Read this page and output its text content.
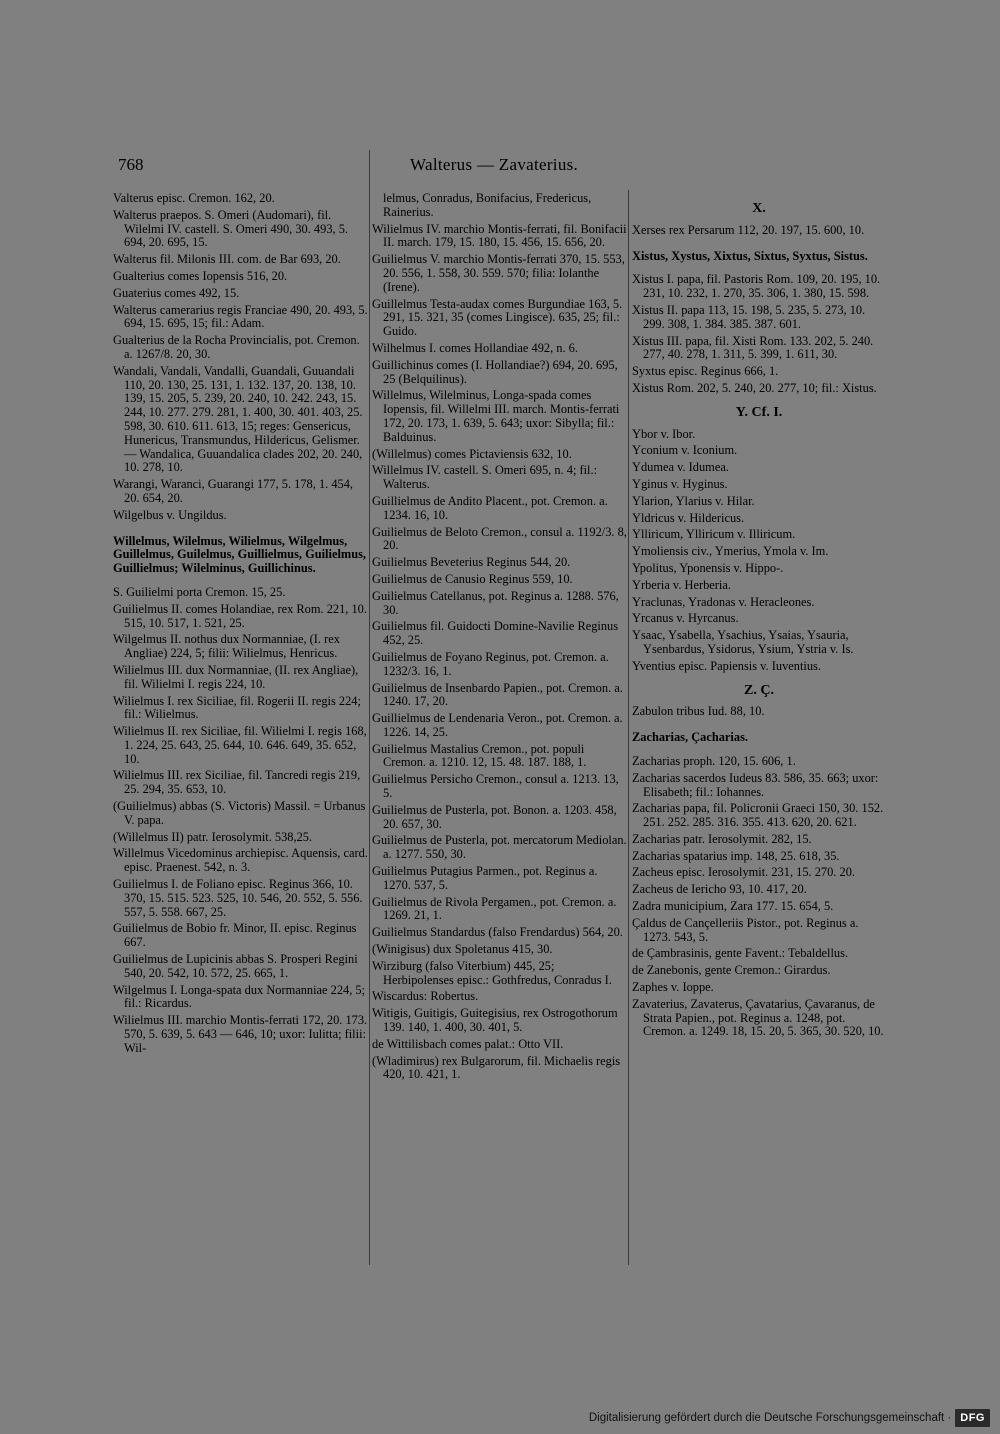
768	Walterus — Zavaterius.
Valterus episc. Cremon. 162, 20.
Walterus praepos. S. Omeri (Audomari), fil. Wilelmi IV. castell. S. Omeri 490, 30. 493, 5. 694, 20. 695, 15.
Walterus fil. Milonis III. com. de Bar 693, 20.
Gualterius comes Iopensis 516, 20.
Guaterius comes 492, 15.
Walterus camerarius regis Franciae 490, 20. 493, 5. 694, 15. 695, 15; fil.: Adam.
Gualterius de la Rocha Provincialis, pot. Cremon. a. 1267/8. 20, 30.
Wandali, Vandali, Vandalli, Guandali, Guuandali 110, 20. 130, 25. 131, 1. 132. 137, 20. 138, 10. 139, 15. 205, 5. 239, 20. 240, 10. 242. 243, 15. 244, 10. 277. 279. 281, 1. 400, 30. 401. 403, 25. 598, 30. 610. 611. 613, 15; reges: Gensericus, Hunericus, Transmundus, Hildericus, Gelismer. — Wandalica, Guuandalica clades 202, 20. 240, 10. 278, 10.
Warangi, Waranci, Guarangi 177, 5. 178, 1. 454, 20. 654, 20.
Wilgelbus v. Ungildus.
Willelmus, Wilelmus, Wilielmus, Wilgelmus, Guillelmus, Guilelmus, Guillielmus, Guilielmus, Guillielmus; Wilelminus, Guillichinus.
S. Guilielmi porta Cremon. 15, 25.
Guilielmus II. comes Holandiae, rex Rom. 221, 10. 515, 10. 517, 1. 521, 25.
Wilgelmus II. nothus dux Normanniae, (I. rex Angliae) 224, 5; filii: Wilielmus, Henricus.
Wilielmus III. dux Normanniae, (II. rex Angliae), fil. Wilielmi I. regis 224, 10.
Wilielmus I. rex Siciliae, fil. Rogerii II. regis 224; fil.: Wilielmus.
Wilielmus II. rex Siciliae, fil. Wilielmi I. regis 168, 1. 224, 25. 643, 25. 644, 10. 646. 649, 35. 652, 10.
Wilielmus III. rex Siciliae, fil. Tancredi regis 219, 25. 294, 35. 653, 10.
(Guilielmus) abbas (S. Victoris) Massil. = Urbanus V. papa.
(Willelmus II) patr. Ierosolymit. 538,25.
Willelmus Vicedominus archiepisc. Aquensis, card. episc. Praenest. 542, n. 3.
Guilielmus I. de Foliano episc. Reginus 366, 10. 370, 15. 515. 523. 525, 10. 546, 20. 552, 5. 556. 557, 5. 558. 667, 25.
Guilielmus de Bobio fr. Minor, II. episc. Reginus 667.
Guilielmus de Lupicinis abbas S. Prosperi Regini 540, 20. 542, 10. 572, 25. 665, 1.
Wilgelmus I. Longa-spata dux Normanniae 224, 5; fil.: Ricardus.
Wilielmus III. marchio Montis-ferrati 172, 20. 173. 570, 5. 639, 5. 643 — 646, 10; uxor: Iulitta; filii: Wil-
lelmus, Conradus, Bonifacius, Fredericus, Rainerius.
Wilielmus IV. marchio Montis-ferrati, fil. Bonifacii II. march. 179, 15. 180, 15. 456, 15. 656, 20.
Guilielmus V. marchio Montis-ferrati 370, 15. 553, 20. 556, 1. 558, 30. 559. 570; filia: Iolanthe (Irene).
Guillelmus Testa-audax comes Burgundiae 163, 5. 291, 15. 321, 35 (comes Lingisce). 635, 25; fil.: Guido.
Wilhelmus I. comes Hollandiae 492, n. 6.
Guillichinus comes (I. Hollandiae?) 694, 20. 695, 25 (Belquilinus).
Willelmus, Wilelminus, Longa-spada comes Iopensis, fil. Willelmi III. march. Montis-ferrati 172, 20. 173, 1. 639, 5. 643; uxor: Sibylla; fil.: Balduinus.
(Willelmus) comes Pictaviensis 632, 10.
Willelmus IV. castell. S. Omeri 695, n. 4; fil.: Walterus.
Guillielmus de Andito Placent., pot. Cremon. a. 1234. 16, 10.
Guilielmus de Beloto Cremon., consul a. 1192/3. 8, 20.
Guilielmus Beveterius Reginus 544, 20.
Guilielmus de Canusio Reginus 559, 10.
Guilielmus Catellanus, pot. Reginus a. 1288. 576, 30.
Guilielmus fil. Guidocti Domine-Navilie Reginus 452, 25.
Guilielmus de Foyano Reginus, pot. Cremon. a. 1232/3. 16, 1.
Guilielmus de Insenbardo Papien., pot. Cremon. a. 1240. 17, 20.
Guillielmus de Lendenaria Veron., pot. Cremon. a. 1226. 14, 25.
Guilielmus Mastalius Cremon., pot. populi Cremon. a. 1210. 12, 15. 48. 187. 188, 1.
Guilielmus Persicho Cremon., consul a. 1213. 13, 5.
Guilielmus de Pusterla, pot. Bonon. a. 1203. 458, 20. 657, 30.
Guilielmus de Pusterla, pot. mercatorum Mediolan. a. 1277. 550, 30.
Guilielmus Putagius Parmen., pot. Reginus a. 1270. 537, 5.
Guilielmus de Rivola Pergamen., pot. Cremon. a. 1269. 21, 1.
Guilielmus Standardus (falso Frendardus) 564, 20.
(Winigisus) dux Spoletanus 415, 30.
Wirziburg (falso Viterbium) 445, 25; Herbipolenses episc.: Gothfredus, Conradus I.
Wiscardus: Robertus.
Witigis, Guitigis, Guitegisius, rex Ostrogothorum 139. 140, 1. 400, 30. 401, 5.
de Wittilisbach comes palat.: Otto VII.
(Wladimirus) rex Bulgarorum, fil. Michaelis regis 420, 10. 421, 1.
X.
Xerses rex Persarum 112, 20. 197, 15. 600, 10.
Xistus, Xystus, Xixtus, Sixtus, Syxtus, Sistus.
Xistus I. papa, fil. Pastoris Rom. 109, 20. 195, 10. 231, 10. 232, 1. 270, 35. 306, 1. 380, 15. 598.
Xistus II. papa 113, 15. 198, 5. 235, 5. 273, 10. 299. 308, 1. 384. 385. 387. 601.
Xistus III. papa, fil. Xisti Rom. 133. 202, 5. 240. 277, 40. 278, 1. 311, 5. 399, 1. 611, 30.
Syxtus episc. Reginus 666, 1.
Xistus Rom. 202, 5. 240, 20. 277, 10; fil.: Xistus.
Y. Cf. I.
Ybor v. Ibor.
Yconium v. Iconium.
Ydumea v. Idumea.
Yginus v. Hyginus.
Ylarion, Ylarius v. Hilar.
Yldricus v. Hildericus.
Ylliricum, Ylliricum v. Illiricum.
Ymoliensis civ., Ymerius, Ymola v. Im.
Ypolitus, Yponensis v. Hippo-.
Yrberia v. Herberia.
Yraclunas, Yradonas v. Heracleones.
Yrcanus v. Hyrcanus.
Ysaac, Ysabella, Ysachius, Ysaias, Ysauria, Ysenbardus, Ysidorus, Ysium, Ystria v. Is.
Yventius episc. Papiensis v. Iuventius.
Z. Ç.
Zabulon tribus Iud. 88, 10.
Zacharias, Çacharias.
Zacharias proph. 120, 15. 606, 1.
Zacharias sacerdos Iudeus 83. 586, 35. 663; uxor: Elisabeth; fil.: Iohannes.
Zacharias papa, fil. Policronii Graeci 150, 30. 152. 251. 252. 285. 316. 355. 413. 620, 20. 621.
Zacharias patr. Ierosolymit. 282, 15.
Zacharias spatarius imp. 148, 25. 618, 35.
Zacheus episc. Ierosolymit. 231, 15. 270. 20.
Zacheus de Iericho 93, 10. 417, 20.
Zadra municipium, Zara 177. 15. 654, 5.
Çaldus de Cançelleriis Pistor., pot. Reginus a. 1273. 543, 5.
de Çambrasinis, gente Favent.: Tebaldellus.
de Zanebonis, gente Cremon.: Girardus.
Zaphes v. Ioppe.
Zavaterius, Zavaterus, Çavatarius, Çavaranus, de Strata Papien., pot. Reginus a. 1248, pot. Cremon. a. 1249. 18, 15. 20, 5. 365, 30. 520, 10.
Digitalisierung gefördert durch die Deutsche Forschungsgemeinschaft · DFG
